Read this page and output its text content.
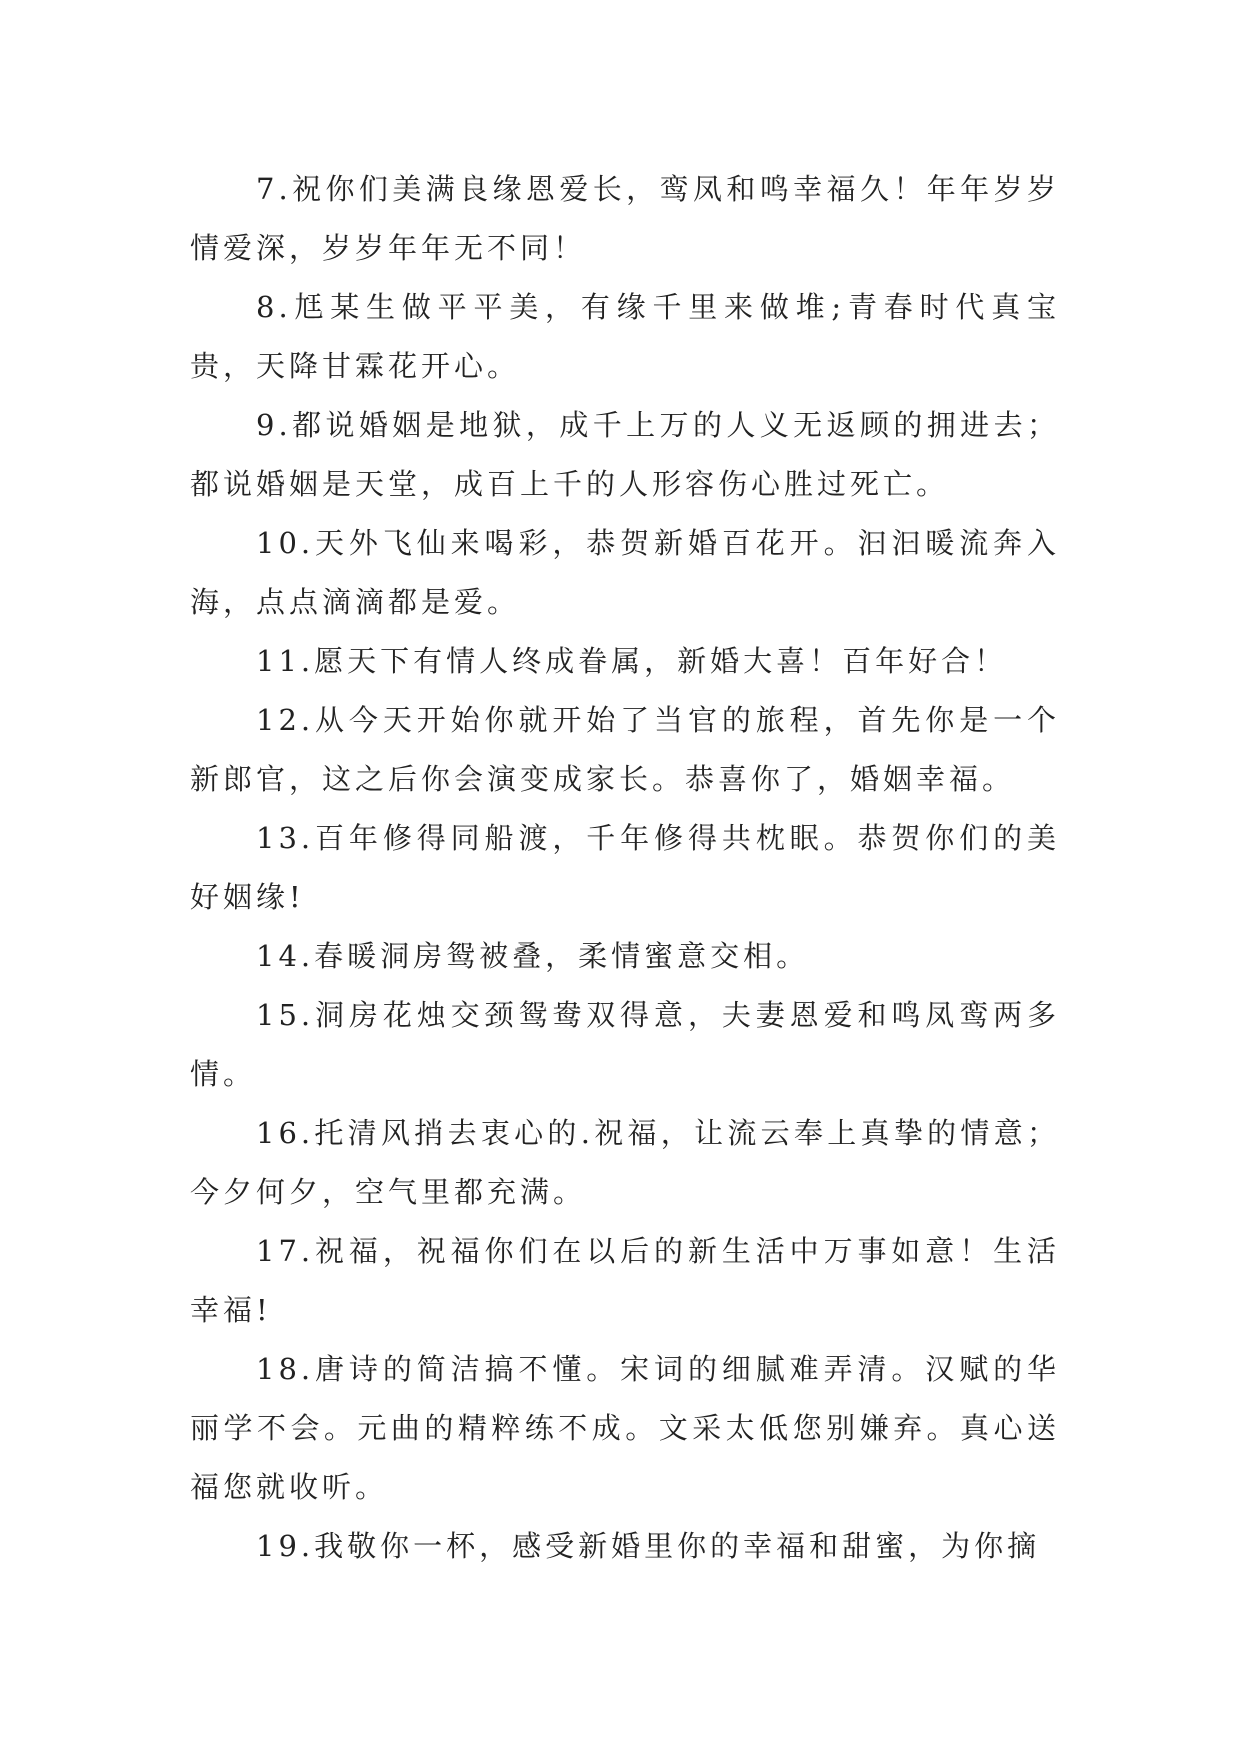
7.祝你们美满良缘恩爱长，鸾凤和鸣幸福久！年年岁岁情爱深，岁岁年年无不同！

8.尪某生做平平美，有缘千里来做堆;青春时代真宝贵，天降甘霖花开心。

9.都说婚姻是地狱，成千上万的人义无返顾的拥进去；都说婚姻是天堂，成百上千的人形容伤心胜过死亡。

10.天外飞仙来喝彩，恭贺新婚百花开。汩汩暖流奔入海，点点滴滴都是爱。

11.愿天下有情人终成眷属，新婚大喜！百年好合！

12.从今天开始你就开始了当官的旅程，首先你是一个新郎官，这之后你会演变成家长。恭喜你了，婚姻幸福。

13.百年修得同船渡，千年修得共枕眠。恭贺你们的美好姻缘!

14.春暖洞房鸳被叠，柔情蜜意交相。

15.洞房花烛交颈鸳鸯双得意，夫妻恩爱和鸣凤鸾两多情。

16.托清风捎去衷心的.祝福，让流云奉上真挚的情意；今夕何夕，空气里都充满。

17.祝福，祝福你们在以后的新生活中万事如意！生活幸福!

18.唐诗的简洁搞不懂。宋词的细腻难弄清。汉赋的华丽学不会。元曲的精粹练不成。文采太低您别嫌弃。真心送福您就收听。

19.我敬你一杯，感受新婚里你的幸福和甜蜜，为你摘
